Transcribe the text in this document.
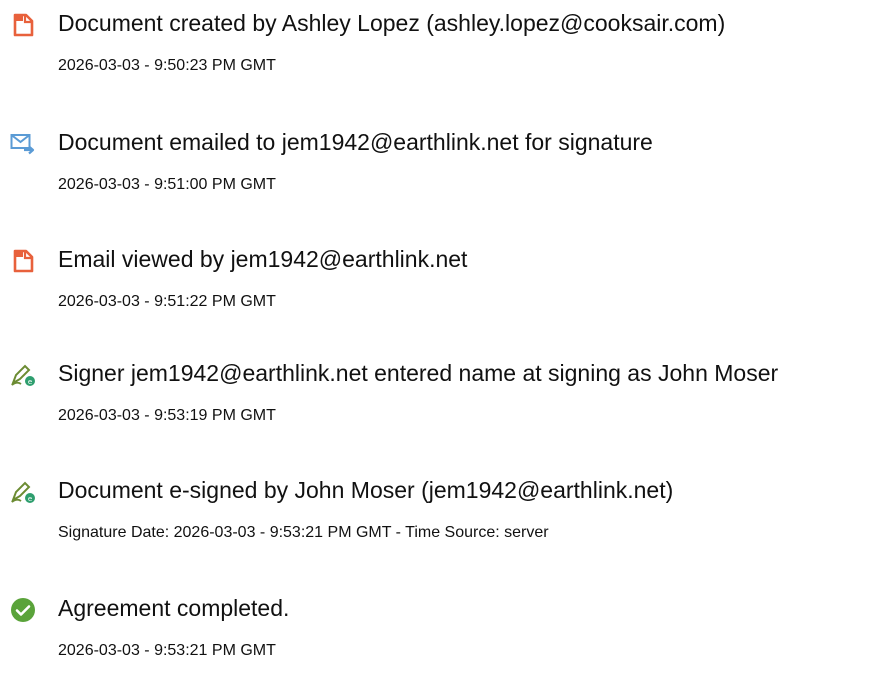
Document created by Ashley Lopez (ashley.lopez@cooksair.com)
2026-03-03 - 9:50:23 PM GMT
Document emailed to jem1942@earthlink.net for signature
2026-03-03 - 9:51:00 PM GMT
Email viewed by jem1942@earthlink.net
2026-03-03 - 9:51:22 PM GMT
e Signer jem1942@earthlink.net entered name at signing as John Moser
2026-03-03 - 9:53:19 PM GMT
e Document e-signed by John Moser (jem1942@earthlink.net)
Signature Date: 2026-03-03 - 9:53:21 PM GMT - Time Source: server
Agreement completed.
2026-03-03 - 9:53:21 PM GMT
